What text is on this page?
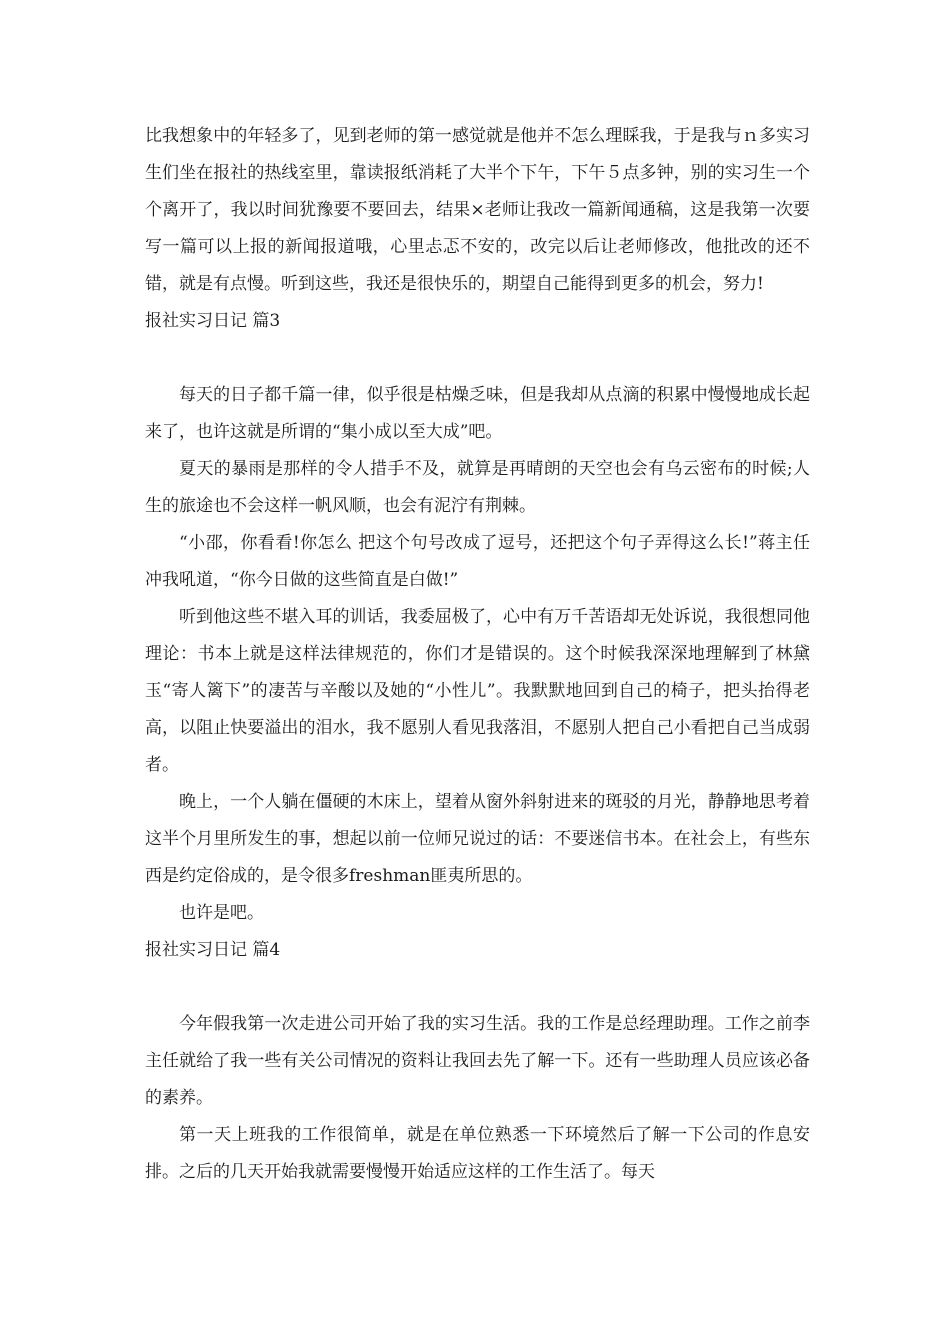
比我想象中的年轻多了，见到老师的第一感觉就是他并不怎么理睬我，于是我与ｎ多实习生们坐在报社的热线室里，靠读报纸消耗了大半个下午，下午５点多钟，别的实习生一个个离开了，我以时间犹豫要不要回去，结果×老师让我改一篇新闻通稿，这是我第一次要写一篇可以上报的新闻报道哦，心里忐忑不安的，改完以后让老师修改，他批改的还不错，就是有点慢。听到这些，我还是很快乐的，期望自己能得到更多的机会，努力!

报社实习日记 篇3

每天的日子都千篇一律，似乎很是枯燥乏味，但是我却从点滴的积累中慢慢地成长起来了，也许这就是所谓的“集小成以至大成”吧。

夏天的暴雨是那样的令人措手不及，就算是再晴朗的天空也会有乌云密布的时候;人生的旅途也不会这样一帆风顺，也会有泥泞有荆棘。

“小邵，你看看!你怎么 把这个句号改成了逗号，还把这个句子弄得这么长!”蒋主任冲我吼道，“你今日做的这些简直是白做!”

听到他这些不堪入耳的训话，我委屈极了，心中有万千苦语却无处诉说，我很想同他理论：书本上就是这样法律规范的，你们才是错误的。这个时候我深深地理解到了林黛玉“寄人篱下”的凄苦与辛酸以及她的“小性儿”。我默默地回到自己的椅子，把头抬得老高，以阻止快要溢出的泪水，我不愿别人看见我落泪，不愿别人把自己小看把自己当成弱者。

晚上，一个人躺在僵硬的木床上，望着从窗外斜射进来的斑驳的月光，静静地思考着这半个月里所发生的事，想起以前一位师兄说过的话：不要迷信书本。在社会上，有些东西是约定俗成的，是令很多freshman匪夷所思的。

也许是吧。

报社实习日记 篇4

今年假我第一次走进公司开始了我的实习生活。我的工作是总经理助理。工作之前李主任就给了我一些有关公司情况的资料让我回去先了解一下。还有一些助理人员应该必备的素养。

第一天上班我的工作很简单，就是在单位熟悉一下环境然后了解一下公司的作息安排。之后的几天开始我就需要慢慢开始适应这样的工作生活了。每天
